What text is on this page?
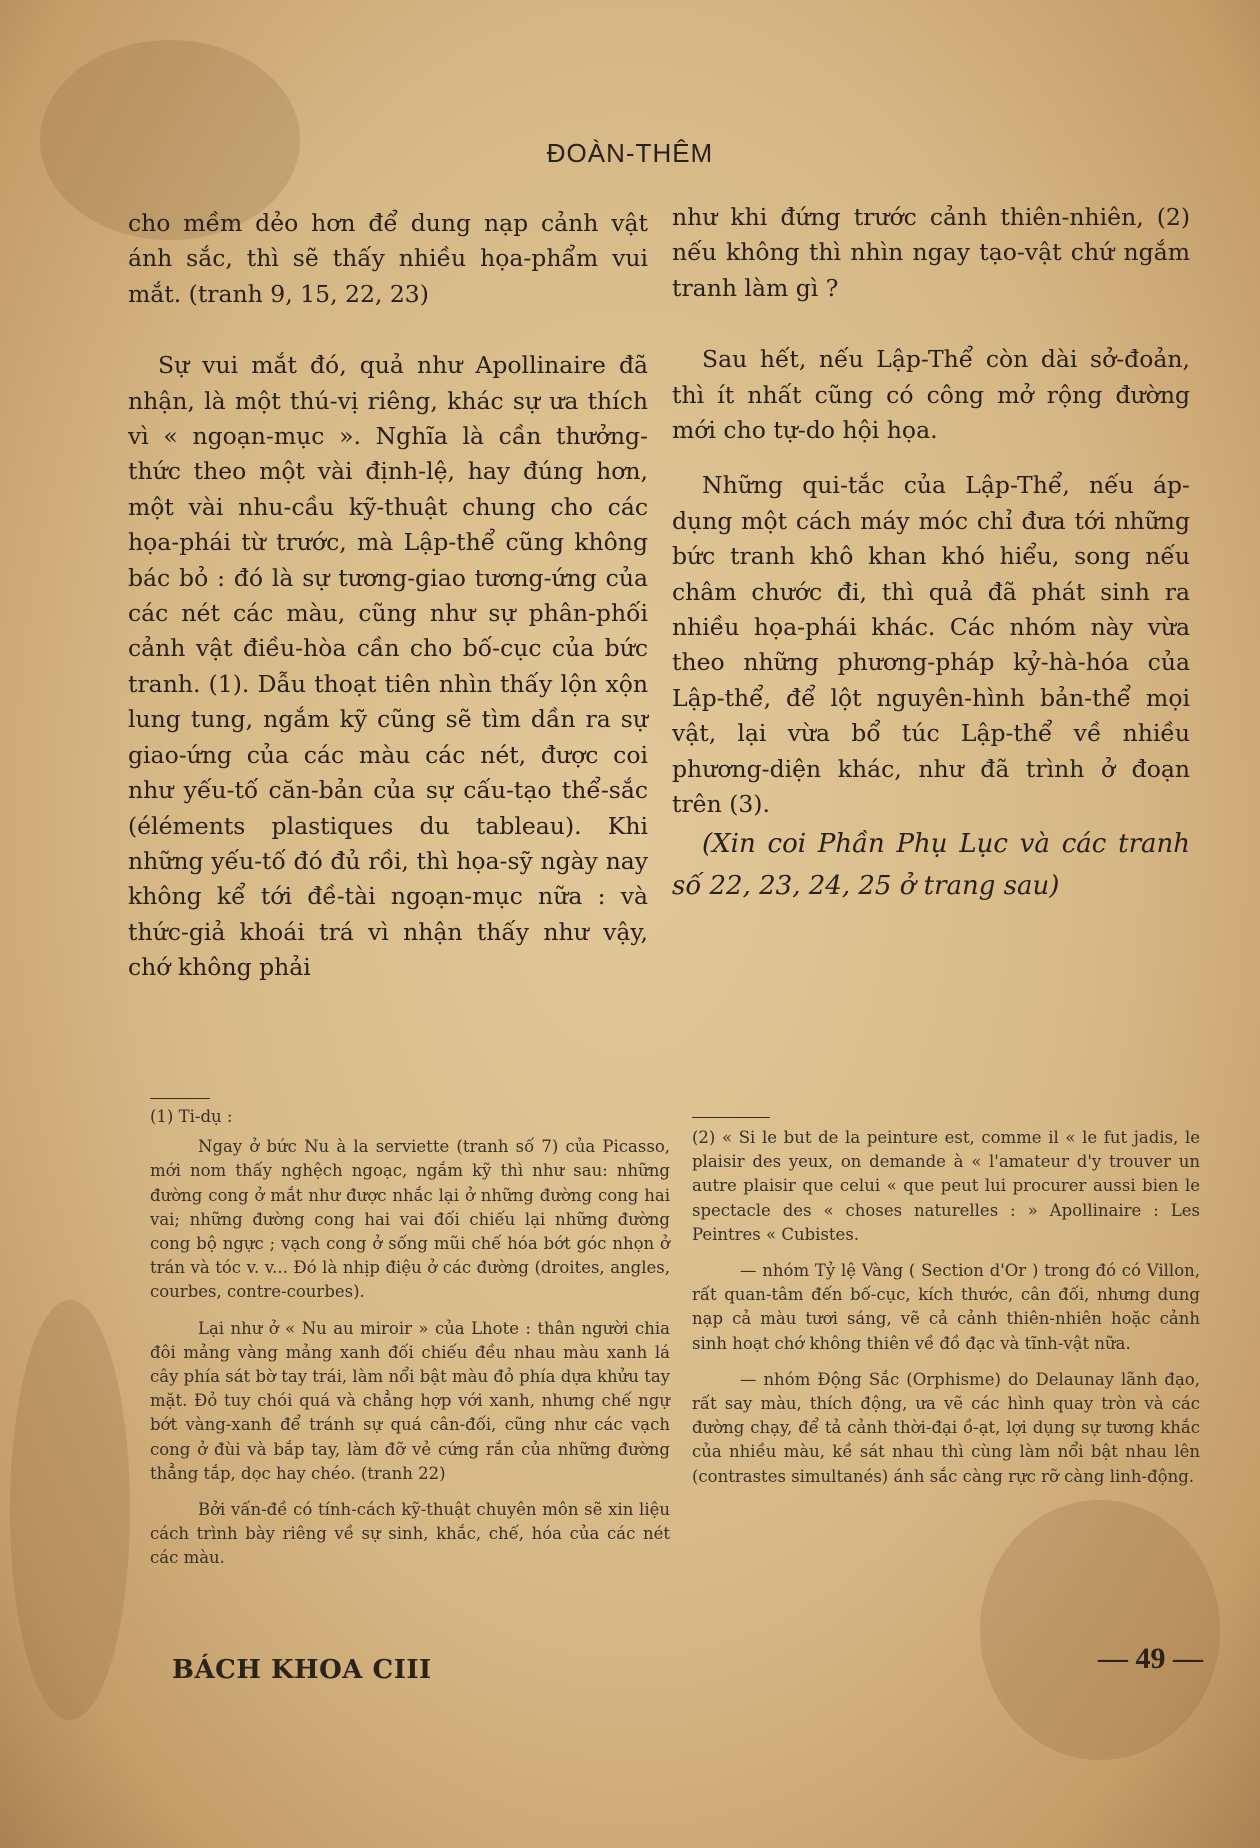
ĐOÀN-THÊM

cho mềm dẻo hơn để dung nạp cảnh vật ánh sắc, thì sẽ thấy nhiều họa-phẩm vui mắt. (tranh 9, 15, 22, 23)

Sự vui mắt đó, quả như Apollinaire đã nhận, là một thú-vị riêng, khác sự ưa thích vì « ngoạn-mục ». Nghĩa là cần thưởng-thức theo một vài định-lệ, hay đúng hơn, một vài nhu-cầu kỹ-thuật chung cho các họa-phái từ trước, mà Lập-thể cũng không bác bỏ : đó là sự tương-giao tương-ứng của các nét các màu, cũng như sự phân-phối cảnh vật điều-hòa cần cho bố-cục của bức tranh. (1). Dẫu thoạt tiên nhìn thấy lộn xộn lung tung, ngắm kỹ cũng sẽ tìm dần ra sự giao-ứng của các màu các nét, được coi như yếu-tố căn-bản của sự cấu-tạo thể-sắc (éléments plastiques du tableau). Khi những yếu-tố đó đủ rồi, thì họa-sỹ ngày nay không kể tới đề-tài ngoạn-mục nữa : và thức-giả khoái trá vì nhận thấy như vậy, chớ không phải

như khi đứng trước cảnh thiên-nhiên, (2) nếu không thì nhìn ngay tạo-vật chứ ngắm tranh làm gì ?

Sau hết, nếu Lập-Thể còn dài sở-đoản, thì ít nhất cũng có công mở rộng đường mới cho tự-do hội họa.

Những qui-tắc của Lập-Thể, nếu áp-dụng một cách máy móc chỉ đưa tới những bức tranh khô khan khó hiểu, song nếu châm chước đi, thì quả đã phát sinh ra nhiều họa-phái khác. Các nhóm này vừa theo những phương-pháp kỷ-hà-hóa của Lập-thể, để lột nguyên-hình bản-thể mọi vật, lại vừa bổ túc Lập-thể về nhiều phương-diện khác, như đã trình ở đoạn trên (3).

(Xin coi Phần Phụ Lục và các tranh số 22, 23, 24, 25 ở trang sau)

(1) Ti-dụ :

Ngay ở bức Nu à la serviette (tranh số 7) của Picasso, mới nom thấy nghệch ngoạc, ngắm kỹ thì như sau: những đường cong ở mắt như được nhắc lại ở những đường cong hai vai; những đường cong hai vai đối chiếu lại những đường cong bộ ngực ; vạch cong ở sống mũi chế hóa bớt góc nhọn ở trán và tóc v. v... Đó là nhịp điệu ở các đường (droites, angles, courbes, contre-courbes).

Lại như ở « Nu au miroir » của Lhote : thân người chia đôi mảng vàng mảng xanh đối chiếu đều nhau màu xanh lá cây phía sát bờ tay trái, làm nổi bật màu đỏ phía dựa khửu tay mặt. Đỏ tuy chói quá và chẳng hợp với xanh, nhưng chế ngự bớt vàng-xanh để tránh sự quá cân-đối, cũng như các vạch cong ở đùi và bắp tay, làm đỡ vẻ cứng rắn của những đường thẳng tắp, dọc hay chéo. (tranh 22)

Bởi vấn-đề có tính-cách kỹ-thuật chuyên môn sẽ xin liệu cách trình bày riêng về sự sinh, khắc, chế, hóa của các nét các màu.

(2) « Si le but de la peinture est, comme il « le fut jadis, le plaisir des yeux, on demande à « l'amateur d'y trouver un autre plaisir que celui « que peut lui procurer aussi bien le spectacle des « choses naturelles : » Apollinaire : Les Peintres « Cubistes.

— nhóm Tỷ lệ Vàng ( Section d'Or ) trong đó có Villon, rất quan-tâm đến bố-cục, kích thước, cân đối, nhưng dung nạp cả màu tươi sáng, vẽ cả cảnh thiên-nhiên hoặc cảnh sinh hoạt chớ không thiên về đồ đạc và tĩnh-vật nữa.

— nhóm Động Sắc (Orphisme) do Delaunay lãnh đạo, rất say màu, thích động, ưa vẽ các hình quay tròn và các đường chạy, để tả cảnh thời-đại ồ-ạt, lợi dụng sự tương khắc của nhiều màu, kề sát nhau thì cùng làm nổi bật nhau lên (contrastes simultanés) ánh sắc càng rực rỡ càng linh-động.

BÁCH KHOA CIII	— 49 —
